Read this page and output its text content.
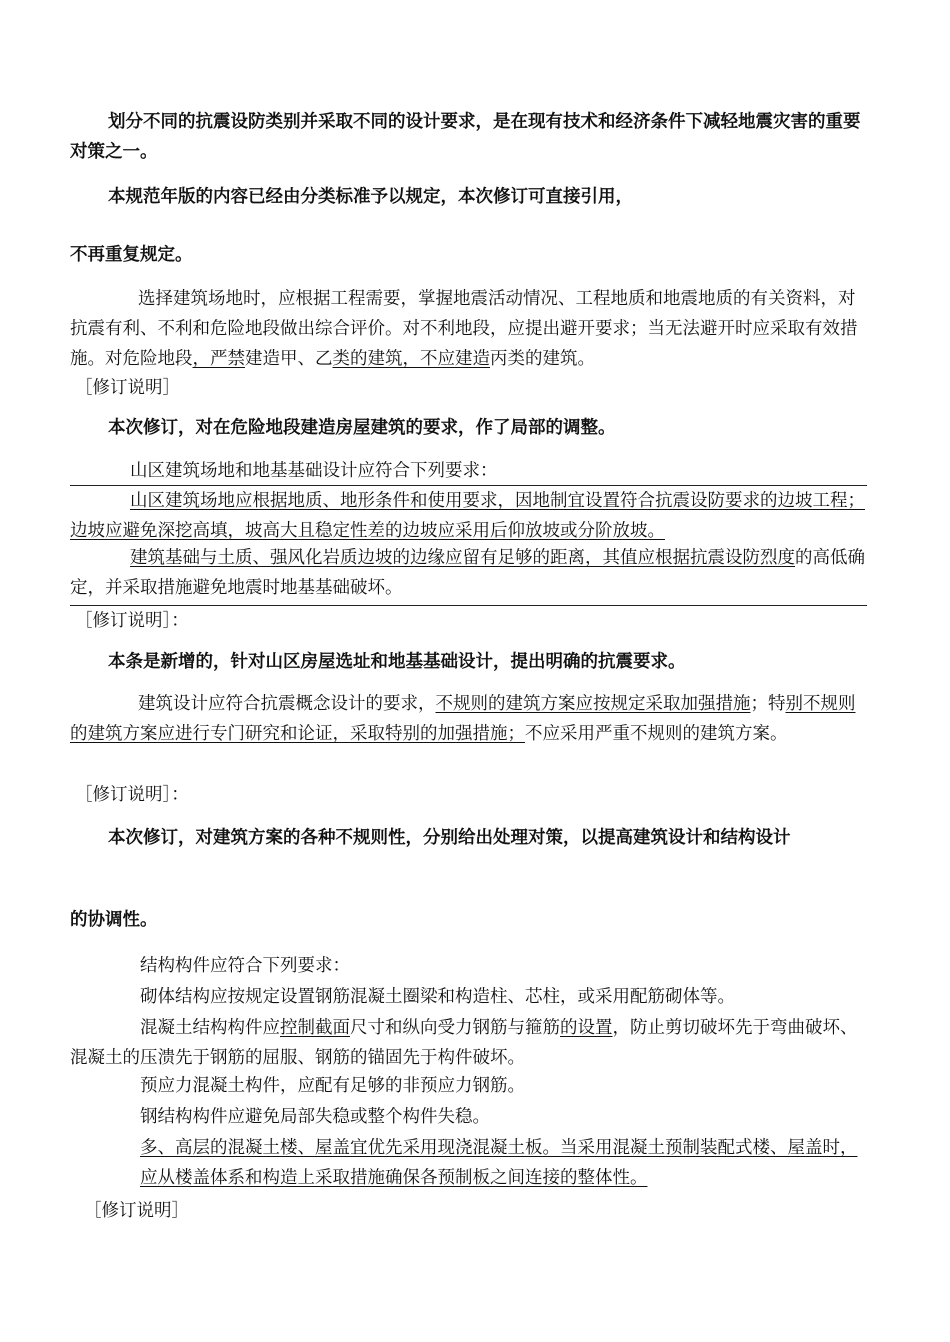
划分不同的抗震设防类别并采取不同的设计要求，是在现有技术和经济条件下减轻地震灾害的重要对策之一。

本规范年版的内容已经由分类标准予以规定，本次修订可直接引用，

不再重复规定。

选择建筑场地时，应根据工程需要，掌握地震活动情况、工程地质和地震地质的有关资料，对抗震有利、不利和危险地段做出综合评价。对不利地段，应提出避开要求；当无法避开时应采取有效措施。对危险地段，严禁建造甲、乙类的建筑，不应建造丙类的建筑。

［修订说明］

本次修订，对在危险地段建造房屋建筑的要求，作了局部的调整。

山区建筑场地和地基基础设计应符合下列要求：

山区建筑场地应根据地质、地形条件和使用要求，因地制宜设置符合抗震设防要求的边坡工程；边坡应避免深挖高填，坡高大且稳定性差的边坡应采用后仰放坡或分阶放坡。

建筑基础与土质、强风化岩质边坡的边缘应留有足够的距离，其值应根据抗震设防烈度的高低确定，并采取措施避免地震时地基基础破坏。

［修订说明］：

本条是新增的，针对山区房屋选址和地基基础设计，提出明确的抗震要求。

建筑设计应符合抗震概念设计的要求，不规则的建筑方案应按规定采取加强措施；特别不规则的建筑方案应进行专门研究和论证，采取特别的加强措施；不应采用严重不规则的建筑方案。

［修订说明］：

本次修订，对建筑方案的各种不规则性，分别给出处理对策，以提高建筑设计和结构设计

的协调性。

结构构件应符合下列要求：

砌体结构应按规定设置钢筋混凝土圈梁和构造柱、芯柱，或采用配筋砌体等。

混凝土结构构件应控制截面尺寸和纵向受力钢筋与箍筋的设置，防止剪切破坏先于弯曲破坏、混凝土的压溃先于钢筋的屈服、钢筋的锚固先于构件破坏。

预应力混凝土构件，应配有足够的非预应力钢筋。

钢结构构件应避免局部失稳或整个构件失稳。

多、高层的混凝土楼、屋盖宜优先采用现浇混凝土板。当采用混凝土预制装配式楼、屋盖时，应从楼盖体系和构造上采取措施确保各预制板之间连接的整体性。

［修订说明］
